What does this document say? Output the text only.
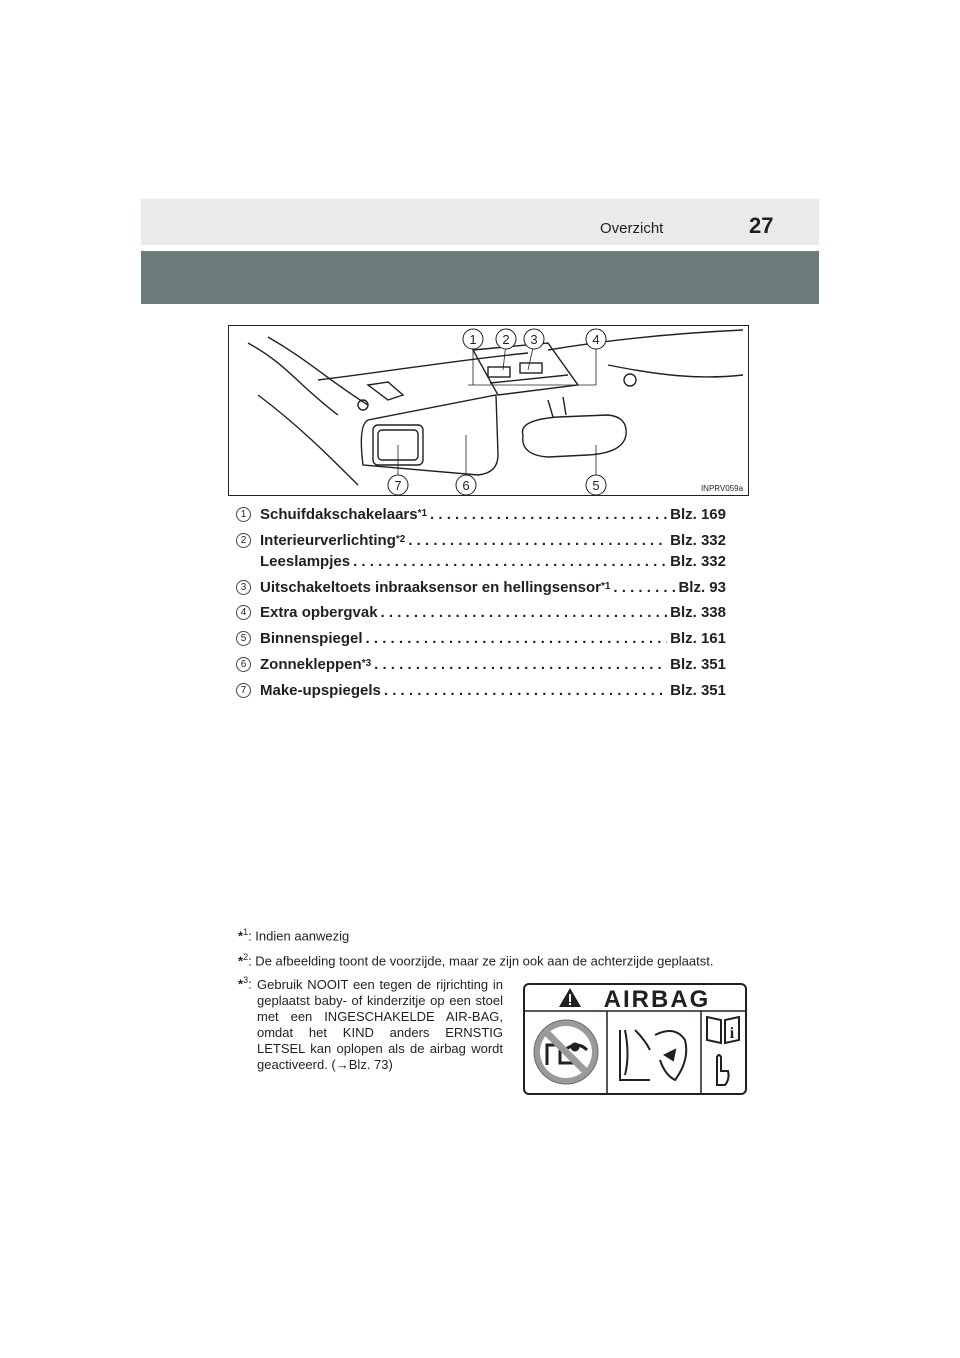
Overzicht	27
1 2 3	4
5
6
7	INPRV059a
1 Schuifdakschakelaars$^{*1}$ . . .	Blz. 169
2 Interieurverlichting$^{*2}$ . . .	Blz. 332
Leeslampjes . . .	Blz. 332
3 Uitschakeltoets inbraaksensor en hellingsensor$^{*1}$ . . .	Blz. 93
4 Extra opbergvak . . .	Blz. 338
5 Binnenspiegel . . .	Blz. 161
6 Zonnekleppen$^{*3}$ . . .	Blz. 351
7 Make-upspiegels . . .	Blz. 351
*$^1$: Indien aanwezig
*$^2$: De afbeelding toont de voorzijde, maar ze zijn ook aan de achterzijde geplaatst.
*$^3$: Gebruik NOOIT een tegen de rijrichting in geplaatst baby- of kinderzitje op een stoel met een INGESCHAKELDE AIR-BAG, omdat het KIND anders ERNSTIG LETSEL kan oplopen als de airbag wordt geactiveerd. (→Blz. 73)
AIRBAG
i
